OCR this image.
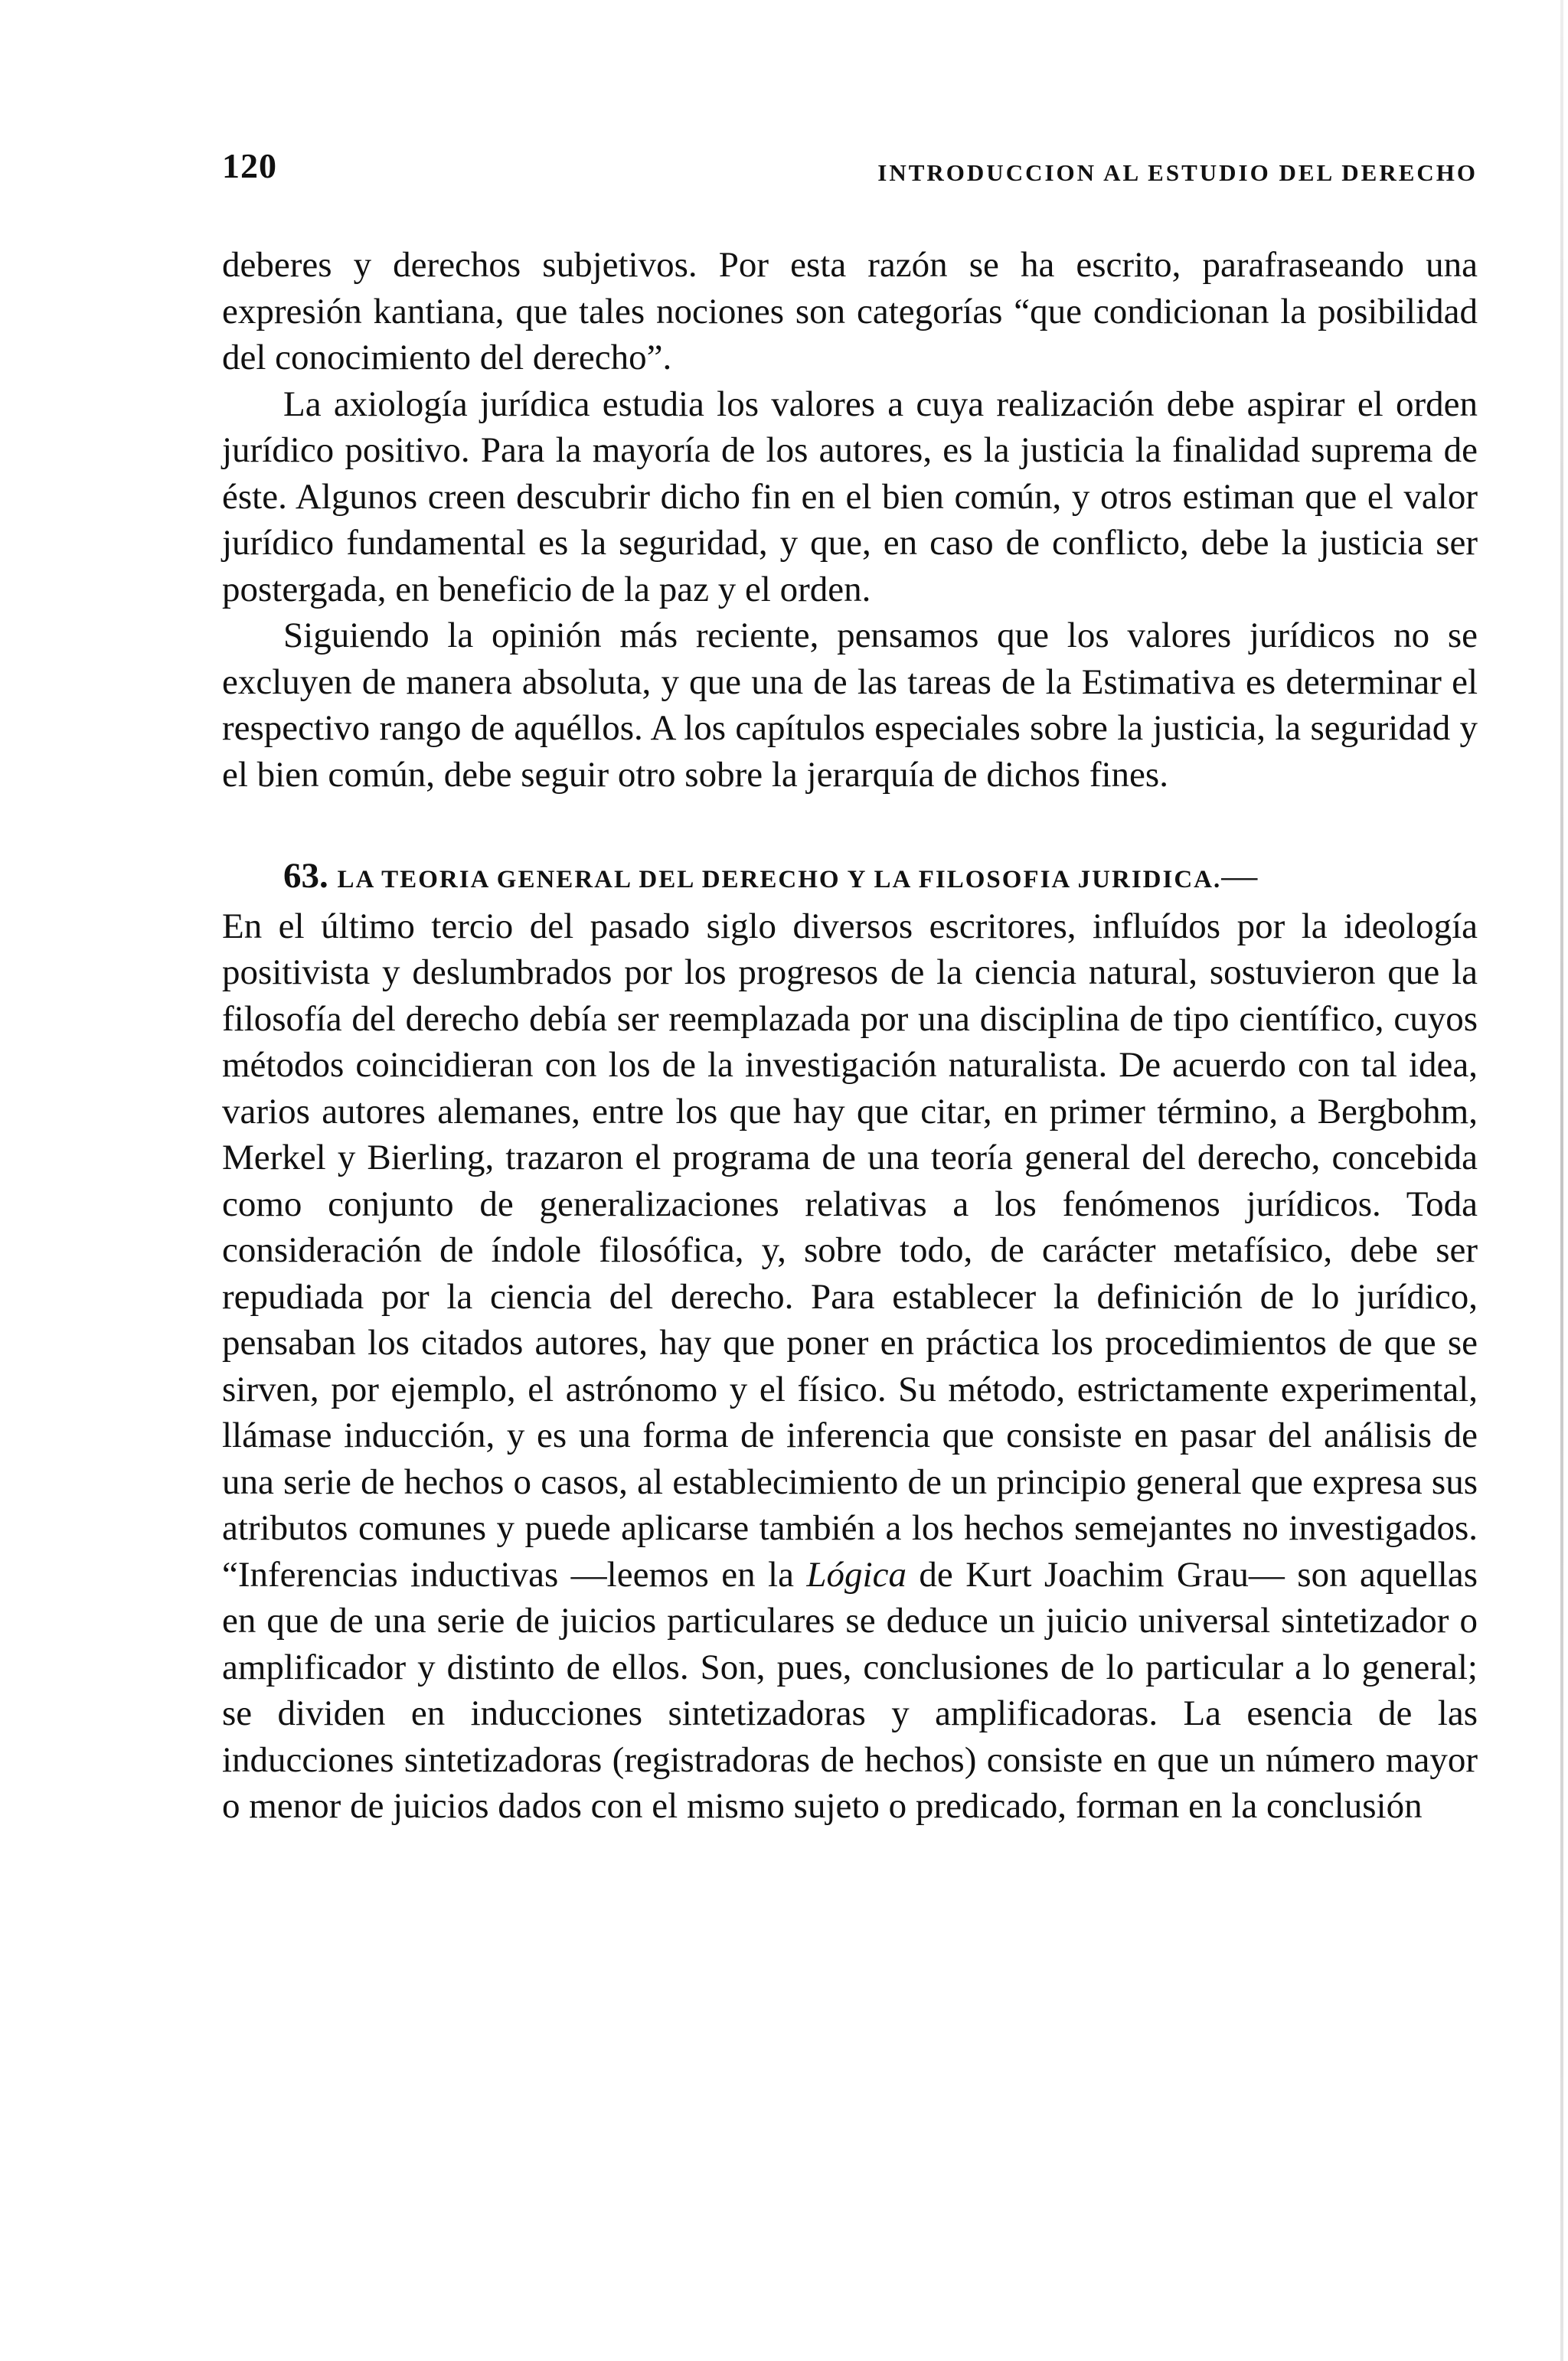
120	INTRODUCCION AL ESTUDIO DEL DERECHO

deberes y derechos subjetivos. Por esta razón se ha escrito, parafraseando una expresión kantiana, que tales nociones son categorías “que condicionan la posibilidad del conocimiento del derecho”.

La axiología jurídica estudia los valores a cuya realización debe aspirar el orden jurídico positivo. Para la mayoría de los autores, es la justicia la finalidad suprema de éste. Algunos creen descubrir dicho fin en el bien común, y otros estiman que el valor jurídico fundamental es la seguridad, y que, en caso de conflicto, debe la justicia ser postergada, en beneficio de la paz y el orden.

Siguiendo la opinión más reciente, pensamos que los valores jurídicos no se excluyen de manera absoluta, y que una de las tareas de la Estimativa es determinar el respectivo rango de aquéllos. A los capítulos especiales sobre la justicia, la seguridad y el bien común, debe seguir otro sobre la jerarquía de dichos fines.

63. LA TEORIA GENERAL DEL DERECHO Y LA FILOSOFIA JURIDICA.—

En el último tercio del pasado siglo diversos escritores, influídos por la ideología positivista y deslumbrados por los progresos de la ciencia natural, sostuvieron que la filosofía del derecho debía ser reemplazada por una disciplina de tipo científico, cuyos métodos coincidieran con los de la investigación naturalista. De acuerdo con tal idea, varios autores alemanes, entre los que hay que citar, en primer término, a Bergbohm, Merkel y Bierling, trazaron el programa de una teoría general del derecho, concebida como conjunto de generalizaciones relativas a los fenómenos jurídicos. Toda consideración de índole filosófica, y, sobre todo, de carácter metafísico, debe ser repudiada por la ciencia del derecho. Para establecer la definición de lo jurídico, pensaban los citados autores, hay que poner en práctica los procedimientos de que se sirven, por ejemplo, el astrónomo y el físico. Su método, estrictamente experimental, llámase inducción, y es una forma de inferencia que consiste en pasar del análisis de una serie de hechos o casos, al establecimiento de un principio general que expresa sus atributos comunes y puede aplicarse también a los hechos semejantes no investigados. “Inferencias inductivas —leemos en la Lógica de Kurt Joachim Grau— son aquellas en que de una serie de juicios particulares se deduce un juicio universal sintetizador o amplificador y distinto de ellos. Son, pues, conclusiones de lo particular a lo general; se dividen en inducciones sintetizadoras y amplificadoras. La esencia de las inducciones sintetizadoras (registradoras de hechos) consiste en que un número mayor o menor de juicios dados con el mismo sujeto o predicado, forman en la conclusión
